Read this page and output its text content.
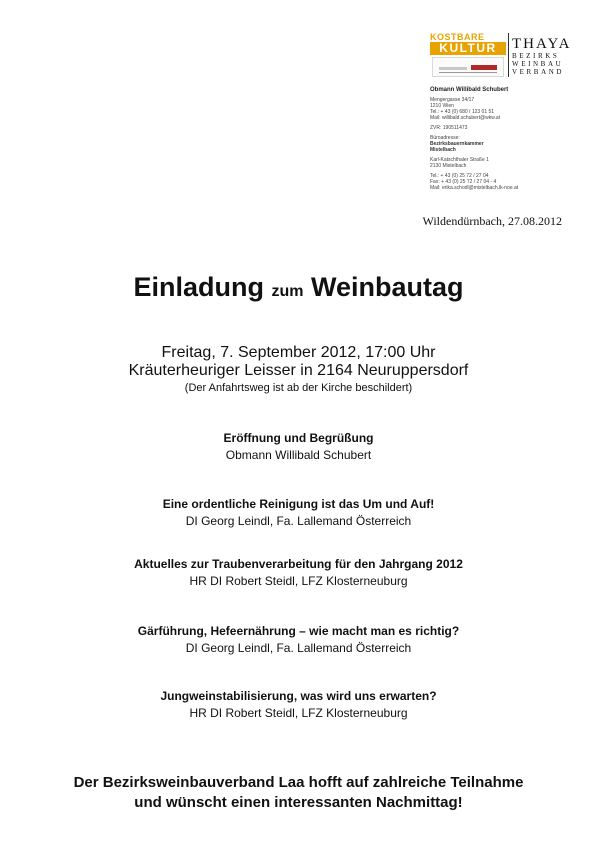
KOSTBARE
KULTUR	THAYA
BEZIRKS
WEINBAU
VERBAND
Obmann Willibald Schubert
Mengergasse 34/17
1210 Wien
Tel.: + 43 (0) 680 / 123 01 51
Mail: willibald.schubert@wkw.at
ZVR: 190511473
Büroadresse:
Bezirksbauernkammer
Mistelbach
Karl-Katschthaler Straße 1
2130 Mistelbach
Tel.: + 43 (0) 25 72 / 27 04
Fax: + 43 (0) 25 72 / 27 04 - 4
Mail: erika.schodl@mistelbach.lk-noe.at
Wildendürnbach, 27.08.2012
Einladung zum Weinbautag
Freitag, 7. September 2012, 17:00 Uhr
Kräuterheuriger Leisser in 2164 Neuruppersdorf
(Der Anfahrtsweg ist ab der Kirche beschildert)
Eröffnung und Begrüßung
Obmann Willibald Schubert
Eine ordentliche Reinigung ist das Um und Auf!
DI Georg Leindl, Fa. Lallemand Österreich
Aktuelles zur Traubenverarbeitung für den Jahrgang 2012
HR DI Robert Steidl, LFZ Klosterneuburg
Gärführung, Hefeernährung – wie macht man es richtig?
DI Georg Leindl, Fa. Lallemand Österreich
Jungweinstabilisierung, was wird uns erwarten?
HR DI Robert Steidl, LFZ Klosterneuburg
Der Bezirksweinbauverband Laa hofft auf zahlreiche Teilnahme
und wünscht einen interessanten Nachmittag!
